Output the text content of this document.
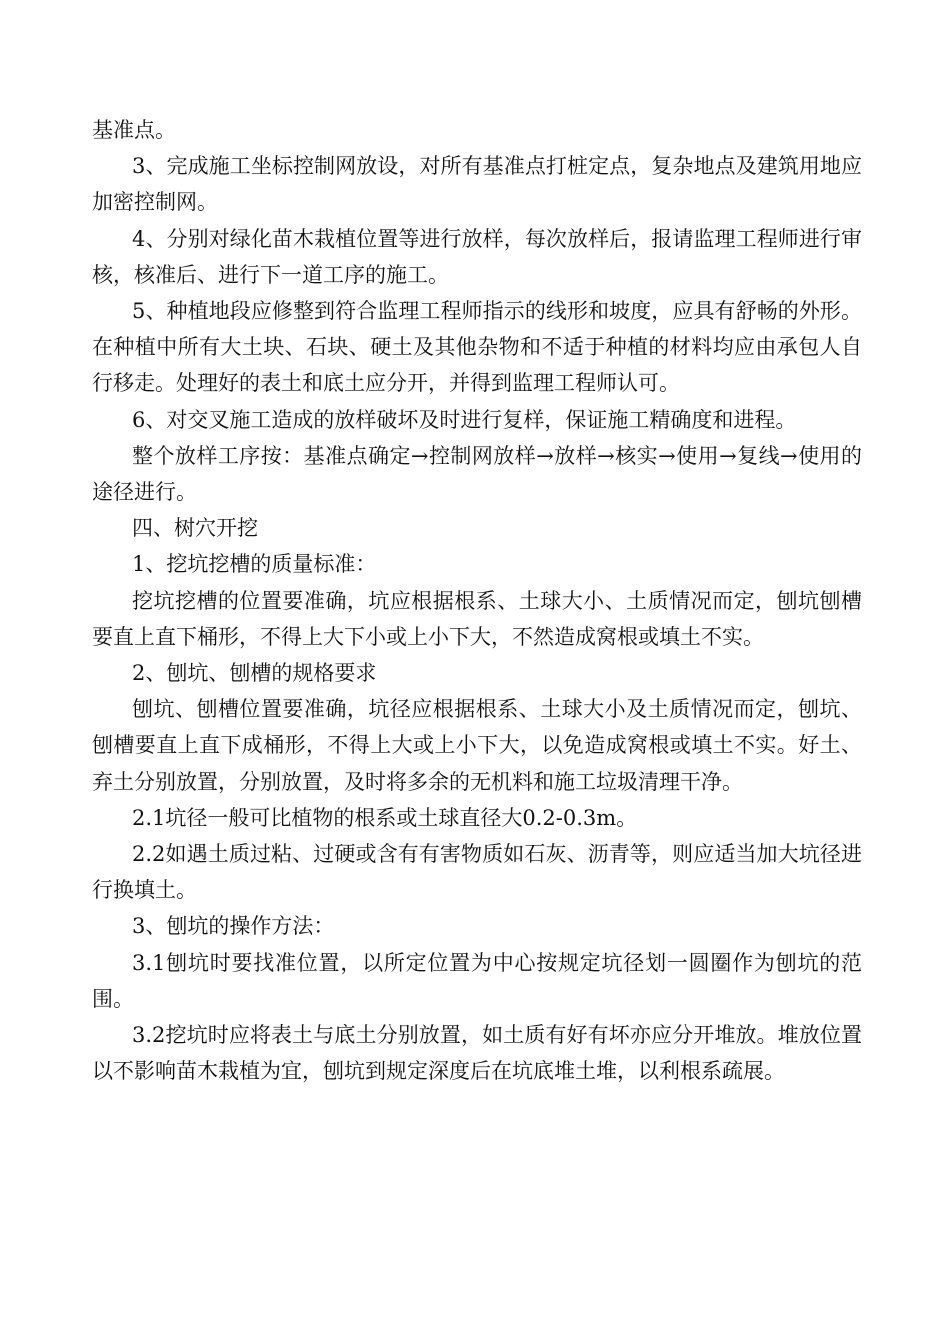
基准点。

3、完成施工坐标控制网放设，对所有基准点打桩定点，复杂地点及建筑用地应加密控制网。

4、分别对绿化苗木栽植位置等进行放样，每次放样后，报请监理工程师进行审核，核准后、进行下一道工序的施工。

5、种植地段应修整到符合监理工程师指示的线形和坡度，应具有舒畅的外形。在种植中所有大土块、石块、硬土及其他杂物和不适于种植的材料均应由承包人自行移走。处理好的表土和底土应分开，并得到监理工程师认可。

6、对交叉施工造成的放样破坏及时进行复样，保证施工精确度和进程。

整个放样工序按：基准点确定→控制网放样→放样→核实→使用→复线→使用的途径进行。

四、树穴开挖

1、挖坑挖槽的质量标准：

挖坑挖槽的位置要准确，坑应根据根系、土球大小、土质情况而定，刨坑刨槽要直上直下桶形，不得上大下小或上小下大，不然造成窝根或填土不实。

2、刨坑、刨槽的规格要求

刨坑、刨槽位置要准确，坑径应根据根系、土球大小及土质情况而定，刨坑、刨槽要直上直下成桶形，不得上大或上小下大，以免造成窝根或填土不实。好土、弃土分别放置，分别放置，及时将多余的无机料和施工垃圾清理干净。

2.1坑径一般可比植物的根系或土球直径大0.2-0.3m。

2.2如遇土质过粘、过硬或含有有害物质如石灰、沥青等，则应适当加大坑径进行换填土。

3、刨坑的操作方法：

3.1刨坑时要找准位置，以所定位置为中心按规定坑径划一圆圈作为刨坑的范围。

3.2挖坑时应将表土与底土分别放置，如土质有好有坏亦应分开堆放。堆放位置以不影响苗木栽植为宜，刨坑到规定深度后在坑底堆土堆，以利根系疏展。
